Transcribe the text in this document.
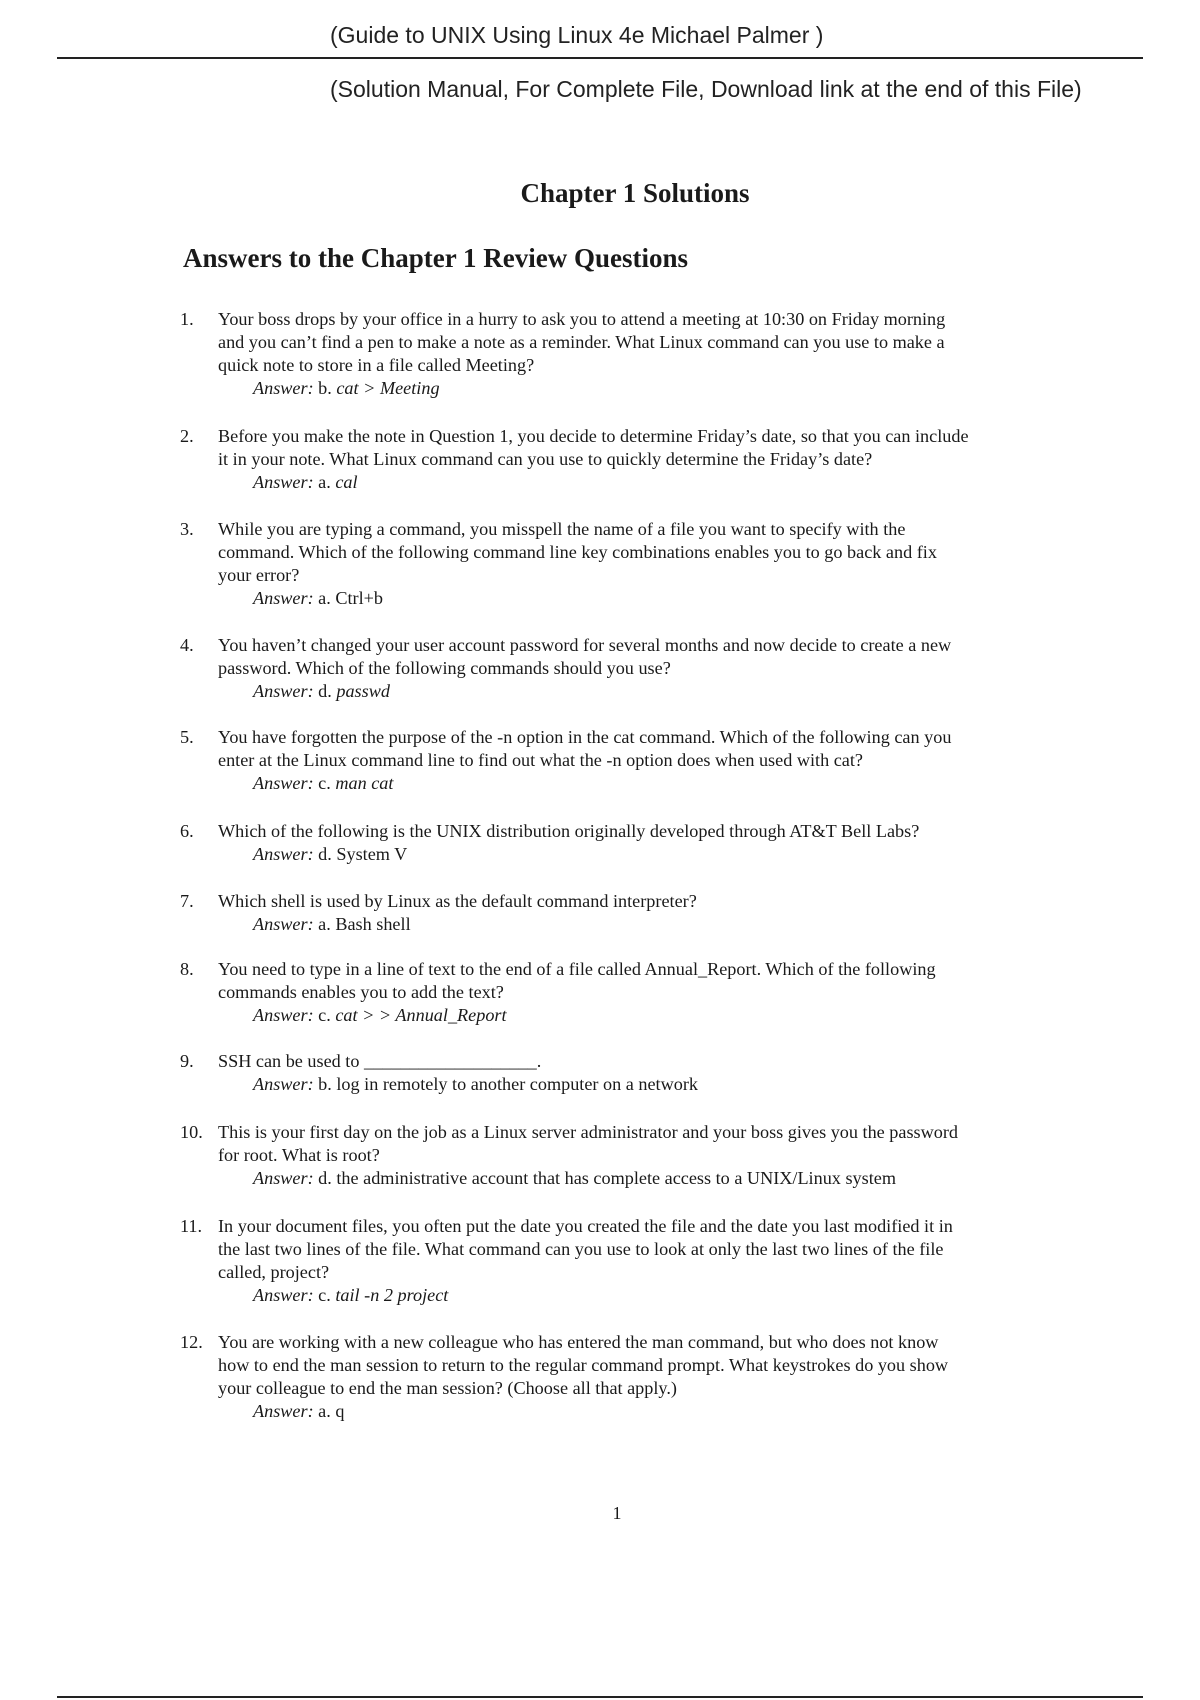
(Guide to UNIX Using Linux 4e Michael Palmer )
(Solution Manual, For Complete File, Download link at the end of this File)
Chapter 1 Solutions
Answers to the Chapter 1 Review Questions
1. Your boss drops by your office in a hurry to ask you to attend a meeting at 10:30 on Friday morning
and you can’t find a pen to make a note as a reminder. What Linux command can you use to make a
quick note to store in a file called Meeting?
Answer: b. cat > Meeting
2. Before you make the note in Question 1, you decide to determine Friday’s date, so that you can include
it in your note. What Linux command can you use to quickly determine the Friday’s date?
Answer: a. cal
3. While you are typing a command, you misspell the name of a file you want to specify with the
command. Which of the following command line key combinations enables you to go back and fix
your error?
Answer: a. Ctrl+b
4. You haven’t changed your user account password for several months and now decide to create a new
password. Which of the following commands should you use?
Answer: d. passwd
5. You have forgotten the purpose of the -n option in the cat command. Which of the following can you
enter at the Linux command line to find out what the -n option does when used with cat?
Answer: c. man cat
6. Which of the following is the UNIX distribution originally developed through AT&T Bell Labs?
Answer: d. System V
7. Which shell is used by Linux as the default command interpreter?
Answer: a. Bash shell
8. You need to type in a line of text to the end of a file called Annual_Report. Which of the following
commands enables you to add the text?
Answer: c. cat > > Annual_Report
9. SSH can be used to ___________________.
Answer: b. log in remotely to another computer on a network
10. This is your first day on the job as a Linux server administrator and your boss gives you the password
for root. What is root?
Answer: d. the administrative account that has complete access to a UNIX/Linux system
11. In your document files, you often put the date you created the file and the date you last modified it in
the last two lines of the file. What command can you use to look at only the last two lines of the file
called, project?
Answer: c. tail -n 2 project
12. You are working with a new colleague who has entered the man command, but who does not know
how to end the man session to return to the regular command prompt. What keystrokes do you show
your colleague to end the man session? (Choose all that apply.)
Answer: a. q
1
